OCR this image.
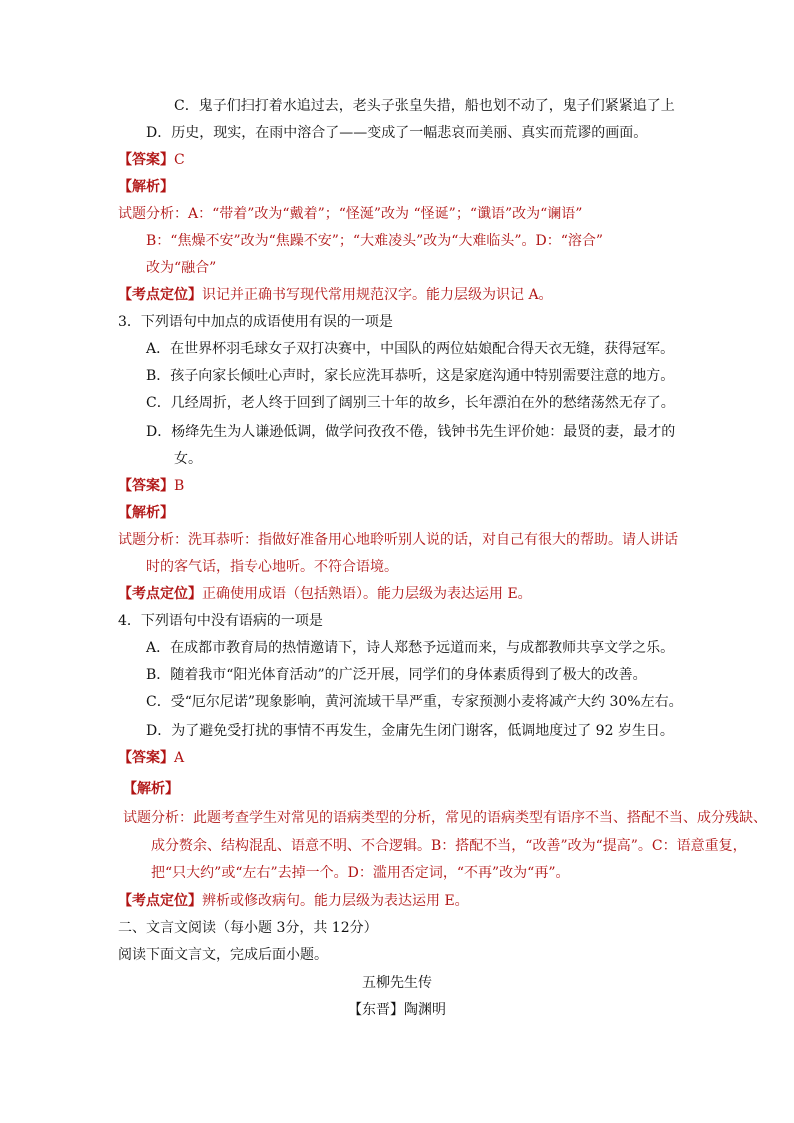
C．鬼子们扫打着水追过去，老头子张皇失措，船也划不动了，鬼子们紧紧追了上
D．历史，现实，在雨中溶合了——变成了一幅悲哀而美丽、真实而荒谬的画面。
【答案】C
【解析】
试题分析：A：“带着”改为“戴着”；“怪涎”改为 “怪诞”；“谶语”改为“谰语”
B：“焦燥不安”改为“焦躁不安”；“大难凌头”改为“大难临头”。D：“溶合”
改为“融合”
【考点定位】识记并正确书写现代常用规范汉字。能力层级为识记 A。
3．下列语句中加点的成语使用有误的一项是
A．在世界杯羽毛球女子双打决赛中，中国队的两位姑娘配合得天衣无缝，获得冠军。
B．孩子向家长倾吐心声时，家长应洗耳恭听，这是家庭沟通中特别需要注意的地方。
C．几经周折，老人终于回到了阔别三十年的故乡，长年漂泊在外的愁绪荡然无存了。
D．杨绛先生为人谦逊低调，做学问孜孜不倦，钱钟书先生评价她：最贤的妻，最才的
女。
【答案】B
【解析】
试题分析：洗耳恭听：指做好准备用心地聆听别人说的话，对自己有很大的帮助。请人讲话
时的客气话，指专心地听。不符合语境。
【考点定位】正确使用成语（包括熟语）。能力层级为表达运用 E。
4．下列语句中没有语病的一项是
A．在成都市教育局的热情邀请下，诗人郑愁予远道而来，与成都教师共享文学之乐。
B．随着我市“阳光体育活动”的广泛开展，同学们的身体素质得到了极大的改善。
C．受“厄尔尼诺”现象影响，黄河流域干旱严重，专家预测小麦将减产大约 30%左右。
D．为了避免受打扰的事情不再发生，金庸先生闭门谢客，低调地度过了 92 岁生日。
【答案】A
【解析】
试题分析：此题考查学生对常见的语病类型的分析，常见的语病类型有语序不当、搭配不当、成分残缺、
成分赘余、结构混乱、语意不明、不合逻辑。B：搭配不当，“改善”改为“提高”。C：语意重复，
把“只大约”或“左右”去掉一个。D：滥用否定词，“不再”改为“再”。
【考点定位】辨析或修改病句。能力层级为表达运用 E。
二、文言文阅读（每小题 3分，共 12分）
阅读下面文言文，完成后面小题。
五柳先生传
【东晋】陶渊明
